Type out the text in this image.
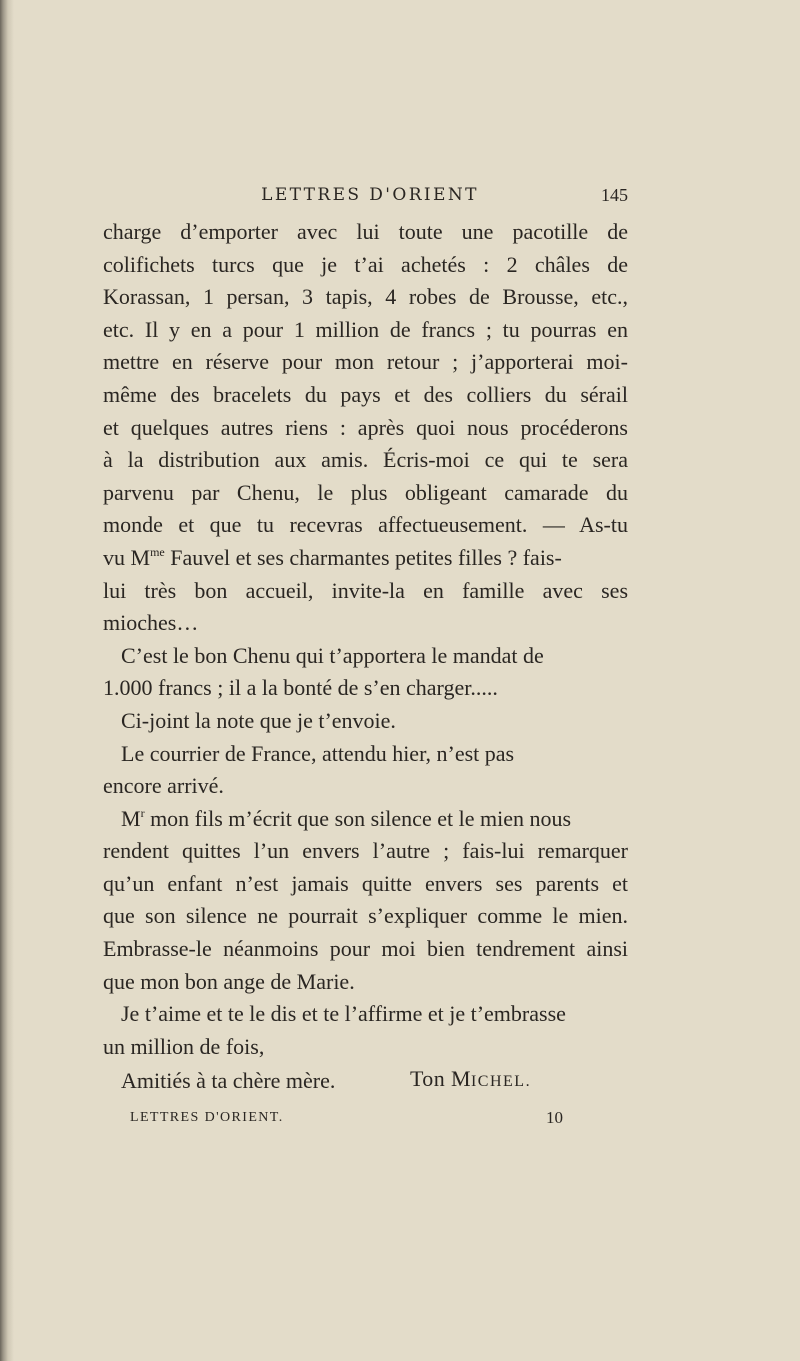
LETTRES D'ORIENT	145
charge d’emporter avec lui toute une pacotille de
colifichets turcs que je t’ai achetés : 2 châles de
Korassan, 1 persan, 3 tapis, 4 robes de Brousse, etc.,
etc. Il y en a pour 1 million de francs ; tu pourras en
mettre en réserve pour mon retour ; j’apporterai moi-
même des bracelets du pays et des colliers du sérail
et quelques autres riens : après quoi nous procéderons
à la distribution aux amis. Écris-moi ce qui te sera
parvenu par Chenu, le plus obligeant camarade du
monde et que tu recevras affectueusement. — As-tu
vu $M^{me}$ Fauvel et ses charmantes petites filles ? fais-
lui très bon accueil, invite-la en famille avec ses
mioches…
C’est le bon Chenu qui t’apportera le mandat de
1.000 francs ; il a la bonté de s’en charger.....
Ci-joint la note que je t’envoie.
Le courrier de France, attendu hier, n’est pas
encore arrivé.
$M^r$ mon fils m’écrit que son silence et le mien nous
rendent quittes l’un envers l’autre ; fais-lui remarquer
qu’un enfant n’est jamais quitte envers ses parents et
que son silence ne pourrait s’expliquer comme le mien.
Embrasse-le néanmoins pour moi bien tendrement ainsi
que mon bon ange de Marie.
Je t’aime et te le dis et te l’affirme et je t’embrasse
un million de fois,
Ton MICHEL.
Amitiés à ta chère mère.
LETTRES D'ORIENT.	10
